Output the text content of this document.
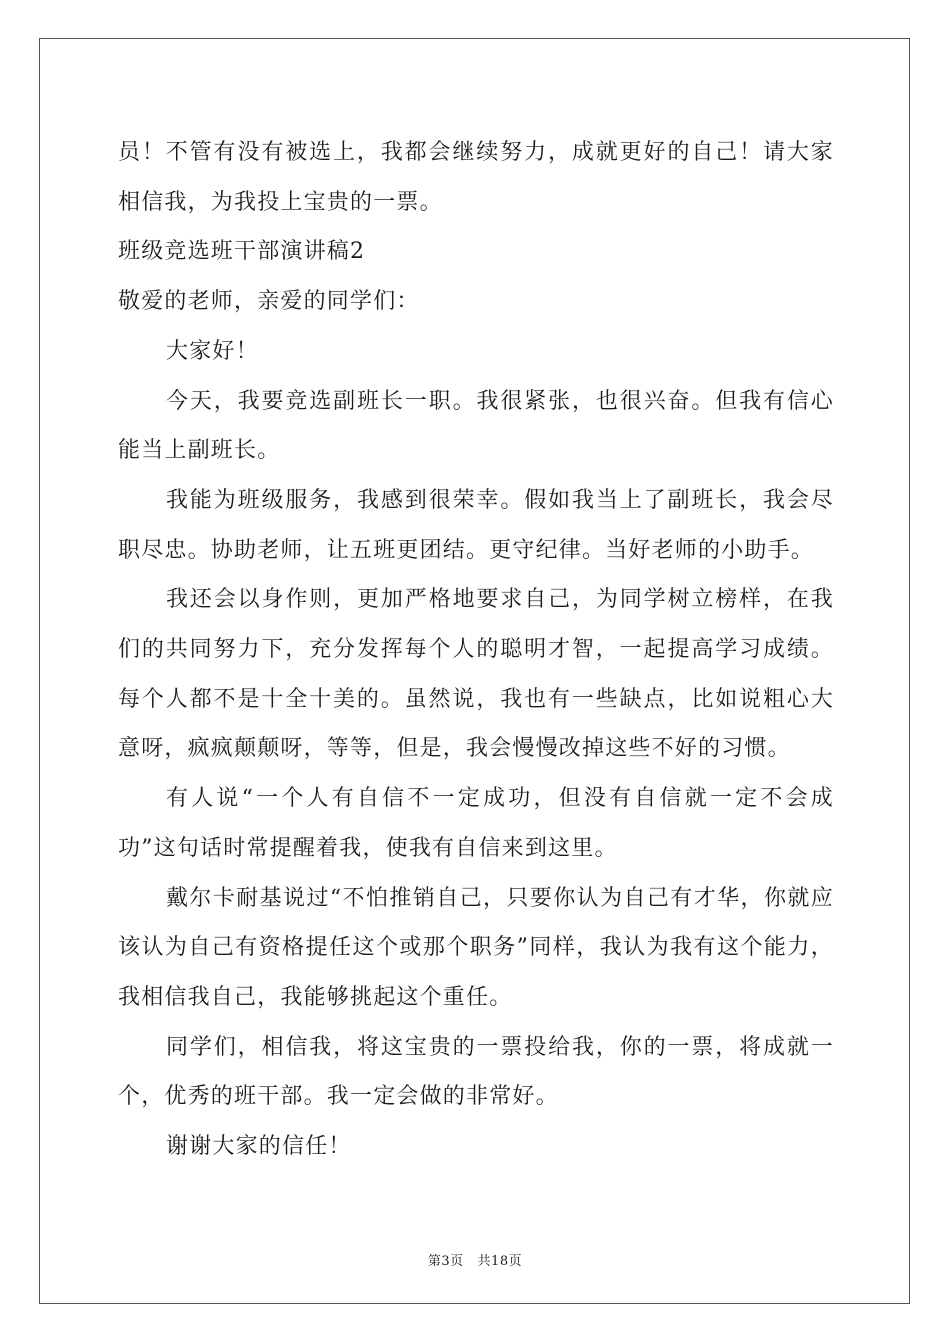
员！不管有没有被选上，我都会继续努力，成就更好的自己！请大家相信我，为我投上宝贵的一票。

班级竞选班干部演讲稿2

敬爱的老师，亲爱的同学们：

大家好！

今天，我要竞选副班长一职。我很紧张，也很兴奋。但我有信心能当上副班长。

我能为班级服务，我感到很荣幸。假如我当上了副班长，我会尽职尽忠。协助老师，让五班更团结。更守纪律。当好老师的小助手。

我还会以身作则，更加严格地要求自己，为同学树立榜样，在我们的共同努力下，充分发挥每个人的聪明才智，一起提高学习成绩。每个人都不是十全十美的。虽然说，我也有一些缺点，比如说粗心大意呀，疯疯颠颠呀，等等，但是，我会慢慢改掉这些不好的习惯。

有人说“一个人有自信不一定成功，但没有自信就一定不会成功”这句话时常提醒着我，使我有自信来到这里。

戴尔卡耐基说过“不怕推销自己，只要你认为自己有才华，你就应该认为自己有资格提任这个或那个职务”同样，我认为我有这个能力，我相信我自己，我能够挑起这个重任。

同学们，相信我，将这宝贵的一票投给我，你的一票，将成就一个，优秀的班干部。我一定会做的非常好。

谢谢大家的信任！

第3页   共18页
